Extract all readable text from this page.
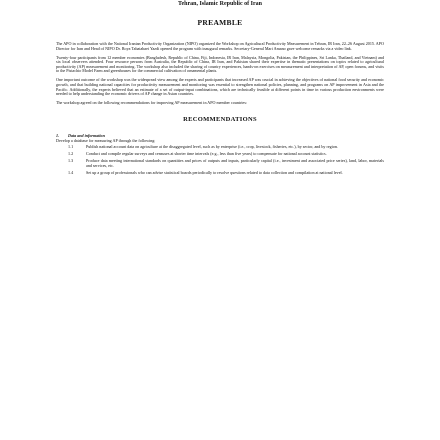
Tehran, Islamic Republic of Iran
PREAMBLE

The APO in collaboration with the National Iranian Productivity Organization (NIPO) organized the Workshop on Agricultural Productivity Measurement in Tehran, IR Iran, 22–26 August 2015. APO Director for Iran and Head of NIPO Dr. Roya Tabatabaei Yazdi opened the program with inaugural remarks. Secretary-General Mari Amano gave welcome remarks via a video link.

Twenty-four participants from 12 member economies (Bangladesh, Republic of China, Fiji, Indonesia, IR Iran, Malaysia, Mongolia, Pakistan, the Philippines, Sri Lanka, Thailand, and Vietnam) and six local observers attended. Four resource persons from Australia, the Republic of China, IR Iran, and Pakistan shared their expertise in thematic presentations on topics related to agricultural productivity (AP) measurement and monitoring. The workshop also included the sharing of country experiences, hands-on exercises on measurement and interpretation of AP, open forums, and visits to the Pistachio Model Farm and greenhouses for the commercial cultivation of ornamental plants.

One important outcome of the workshop was the widespread view among the experts and participants that increased AP was crucial in achieving the objectives of national food security and economic growth, and that building national capacities for productivity measurement and monitoring was essential to strengthen national policies, planning, and programs on AP improvement in Asia and the Pacific. Additionally, the experts believed that an estimate of a set of output-input combinations, which are technically feasible at different points in time in various production environments were needed to help understanding the economic drivers of AP change in Asian countries.

The workshop agreed on the following recommendations for improving AP measurement in APO member countries:

RECOMMENDATIONS
1. Data and information
Develop a database for measuring AP through the following:
1.1	Publish national account data on agriculture at the disaggregated level, such as by enterprise (i.e., crop, livestock, fisheries, etc.), by sector, and by region.
1.2	Conduct and compile regular surveys and censuses at shorter time intervals (e.g., less than five years) to compensate for national account statistics.
1.3	Produce data meeting international standards on quantities and prices of outputs and inputs, particularly capital (i.e., investment and associated price series), land, labor, materials and services, etc.
1.4	Set up a group of professionals who can advise statistical boards periodically to resolve questions related to data collection and compilation at national level.
